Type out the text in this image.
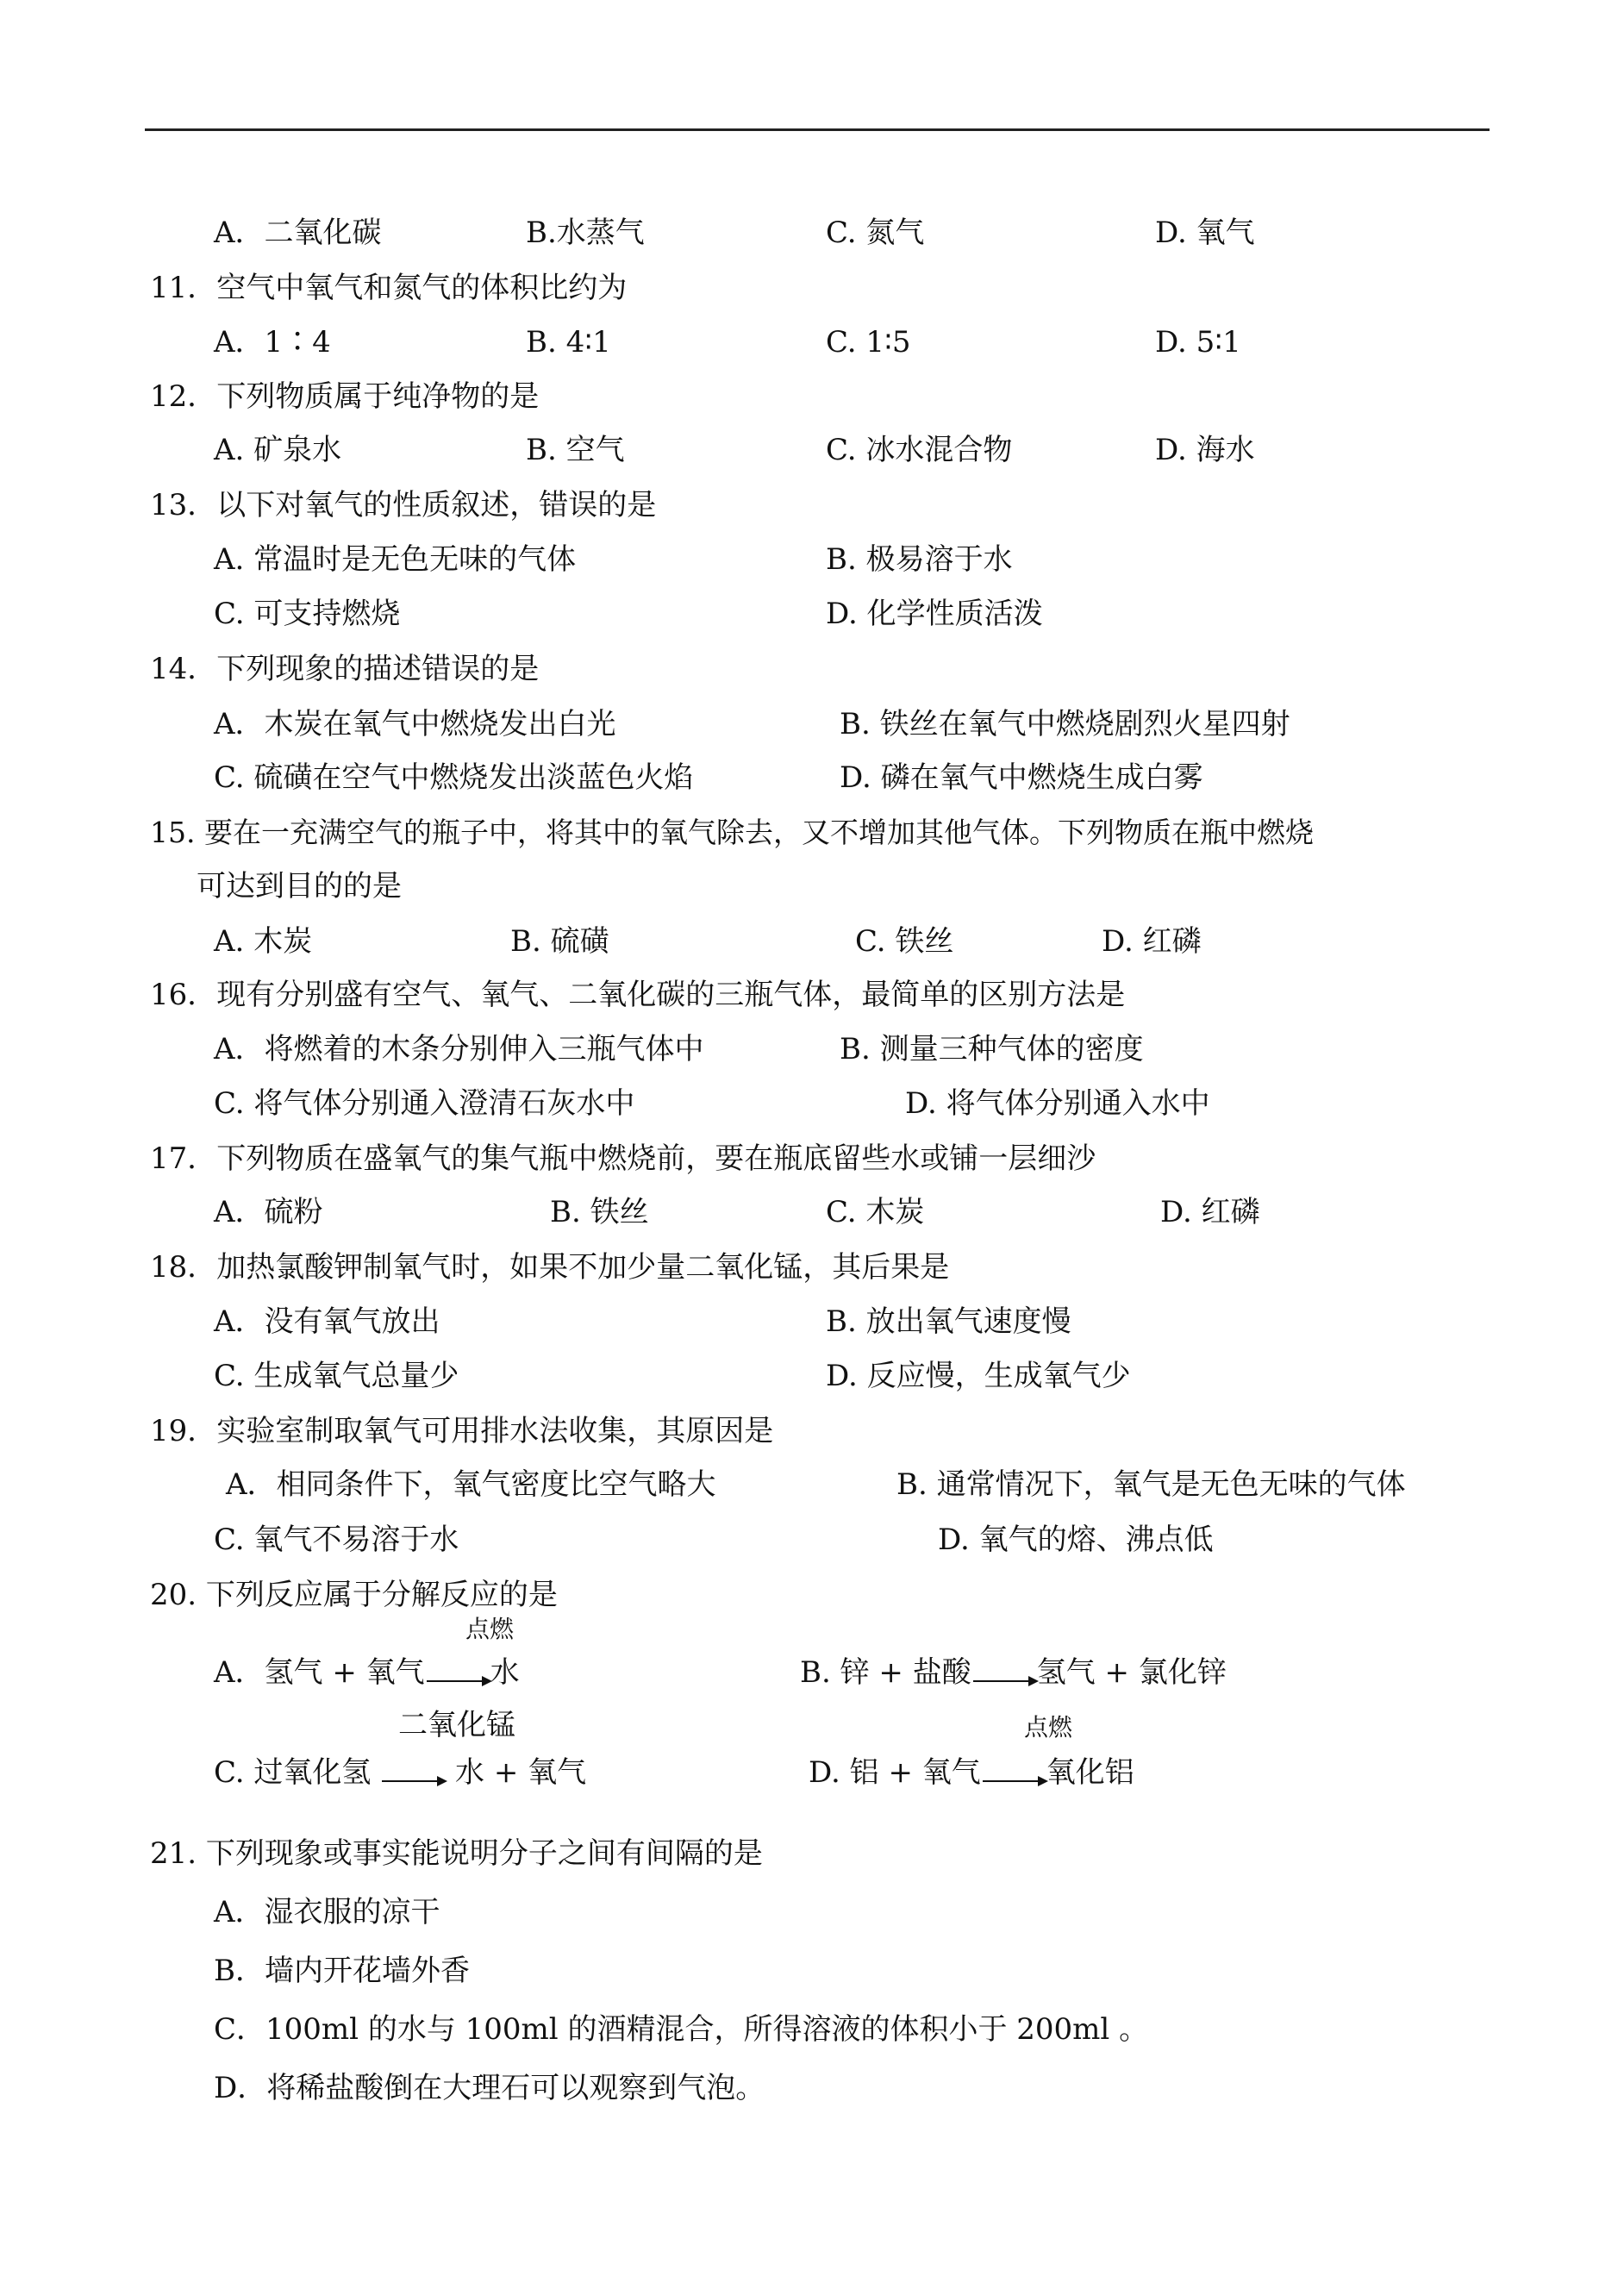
A．二氧化碳	B.水蒸气	C. 氮气	D. 氧气
11．空气中氧气和氮气的体积比约为
A．1∶4	B. 4∶1	C. 1∶5	D. 5∶1
12．下列物质属于纯净物的是
A. 矿泉水	B. 空气	C. 冰水混合物	D. 海水
13．以下对氧气的性质叙述，错误的是
A. 常温时是无色无味的气体	B. 极易溶于水
C. 可支持燃烧	D. 化学性质活泼
14．下列现象的描述错误的是
A．木炭在氧气中燃烧发出白光	B. 铁丝在氧气中燃烧剧烈火星四射
C. 硫磺在空气中燃烧发出淡蓝色火焰	D. 磷在氧气中燃烧生成白雾
15. 要在一充满空气的瓶子中，将其中的氧气除去，又不增加其他气体。下列物质在瓶中燃烧
可达到目的的是
A. 木炭	B. 硫磺	C. 铁丝	D. 红磷
16．现有分别盛有空气、氧气、二氧化碳的三瓶气体，最简单的区别方法是
A．将燃着的木条分别伸入三瓶气体中	B. 测量三种气体的密度
C. 将气体分别通入澄清石灰水中	D. 将气体分别通入水中
17．下列物质在盛氧气的集气瓶中燃烧前，要在瓶底留些水或铺一层细沙
A．硫粉	B. 铁丝	C. 木炭	D. 红磷
18．加热氯酸钾制氧气时，如果不加少量二氧化锰，其后果是
A．没有氧气放出	B. 放出氧气速度慢
C. 生成氧气总量少	D. 反应慢，生成氧气少
19．实验室制取氧气可用排水法收集，其原因是
A．相同条件下，氧气密度比空气略大	B. 通常情况下，氧气是无色无味的气体
C. 氧气不易溶于水	D. 氧气的熔、沸点低
20. 下列反应属于分解反应的是
点燃
A．氢气 + 氧气 水	B. 锌 + 盐酸 氢气 + 氯化锌
二氧化锰
C. 过氧化氢	水 + 氧气
点燃
D. 铝 + 氧气 氧化铝
21. 下列现象或事实能说明分子之间有间隔的是
A．湿衣服的凉干
B．墙内开花墙外香
C．100ml 的水与 100ml 的酒精混合，所得溶液的体积小于 200ml 。
D．将稀盐酸倒在大理石可以观察到气泡。
